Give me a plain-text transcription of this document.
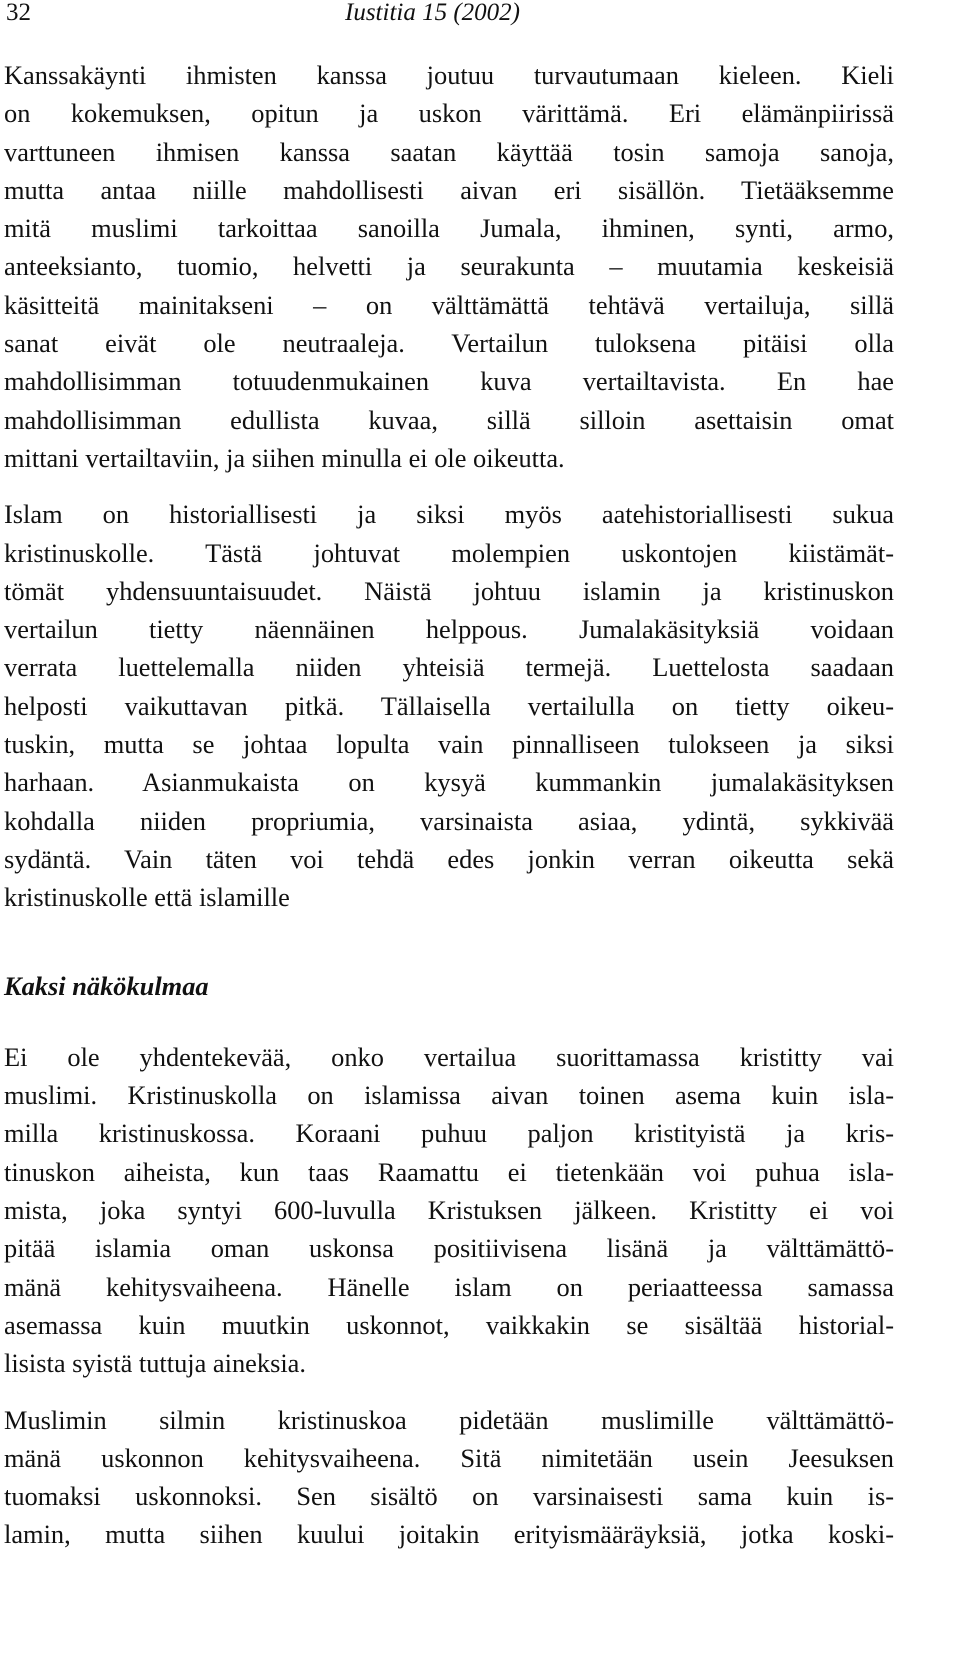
32	Iustitia 15 (2002)

Kanssakäynti ihmisten kanssa joutuu turvautumaan kieleen. Kieli
on kokemuksen, opitun ja uskon värittämä. Eri elämänpiirissä
varttuneen ihmisen kanssa saatan käyttää tosin samoja sanoja,
mutta antaa niille mahdollisesti aivan eri sisällön. Tietääksemme
mitä muslimi tarkoittaa sanoilla Jumala, ihminen, synti, armo,
anteeksianto, tuomio, helvetti ja seurakunta – muutamia keskeisiä
käsitteitä mainitakseni – on välttämättä tehtävä vertailuja, sillä
sanat eivät ole neutraaleja. Vertailun tuloksena pitäisi olla
mahdollisimman totuudenmukainen kuva vertailtavista. En hae
mahdollisimman edullista kuvaa, sillä silloin asettaisin omat
mittani vertailtaviin, ja siihen minulla ei ole oikeutta.

Islam on historiallisesti ja siksi myös aatehistoriallisesti sukua
kristinuskolle. Tästä johtuvat molempien uskontojen kiistämät-
tömät yhdensuuntaisuudet. Näistä johtuu islamin ja kristinuskon
vertailun tietty näennäinen helppous. Jumalakäsityksiä voidaan
verrata luettelemalla niiden yhteisiä termejä. Luettelosta saadaan
helposti vaikuttavan pitkä. Tällaisella vertailulla on tietty oikeu-
tuskin, mutta se johtaa lopulta vain pinnalliseen tulokseen ja siksi
harhaan. Asianmukaista on kysyä kummankin jumalakäsityksen
kohdalla niiden propriumia, varsinaista asiaa, ydintä, sykkivää
sydäntä. Vain täten voi tehdä edes jonkin verran oikeutta sekä
kristinuskolle että islamille

Kaksi näkökulmaa

Ei ole yhdentekevää, onko vertailua suorittamassa kristitty vai
muslimi. Kristinuskolla on islamissa aivan toinen asema kuin isla-
milla kristinuskossa. Koraani puhuu paljon kristityistä ja kris-
tinuskon aiheista, kun taas Raamattu ei tietenkään voi puhua isla-
mista, joka syntyi 600-luvulla Kristuksen jälkeen. Kristitty ei voi
pitää islamia oman uskonsa positiivisena lisänä ja välttämättö-
mänä kehitysvaiheena. Hänelle islam on periaatteessa samassa
asemassa kuin muutkin uskonnot, vaikkakin se sisältää historial-
lisista syistä tuttuja aineksia.

Muslimin silmin kristinuskoa pidetään muslimille välttämättö-
mänä uskonnon kehitysvaiheena. Sitä nimitetään usein Jeesuksen
tuomaksi uskonnoksi. Sen sisältö on varsinaisesti sama kuin is-
lamin, mutta siihen kuului joitakin erityismääräyksiä, jotka koski-
